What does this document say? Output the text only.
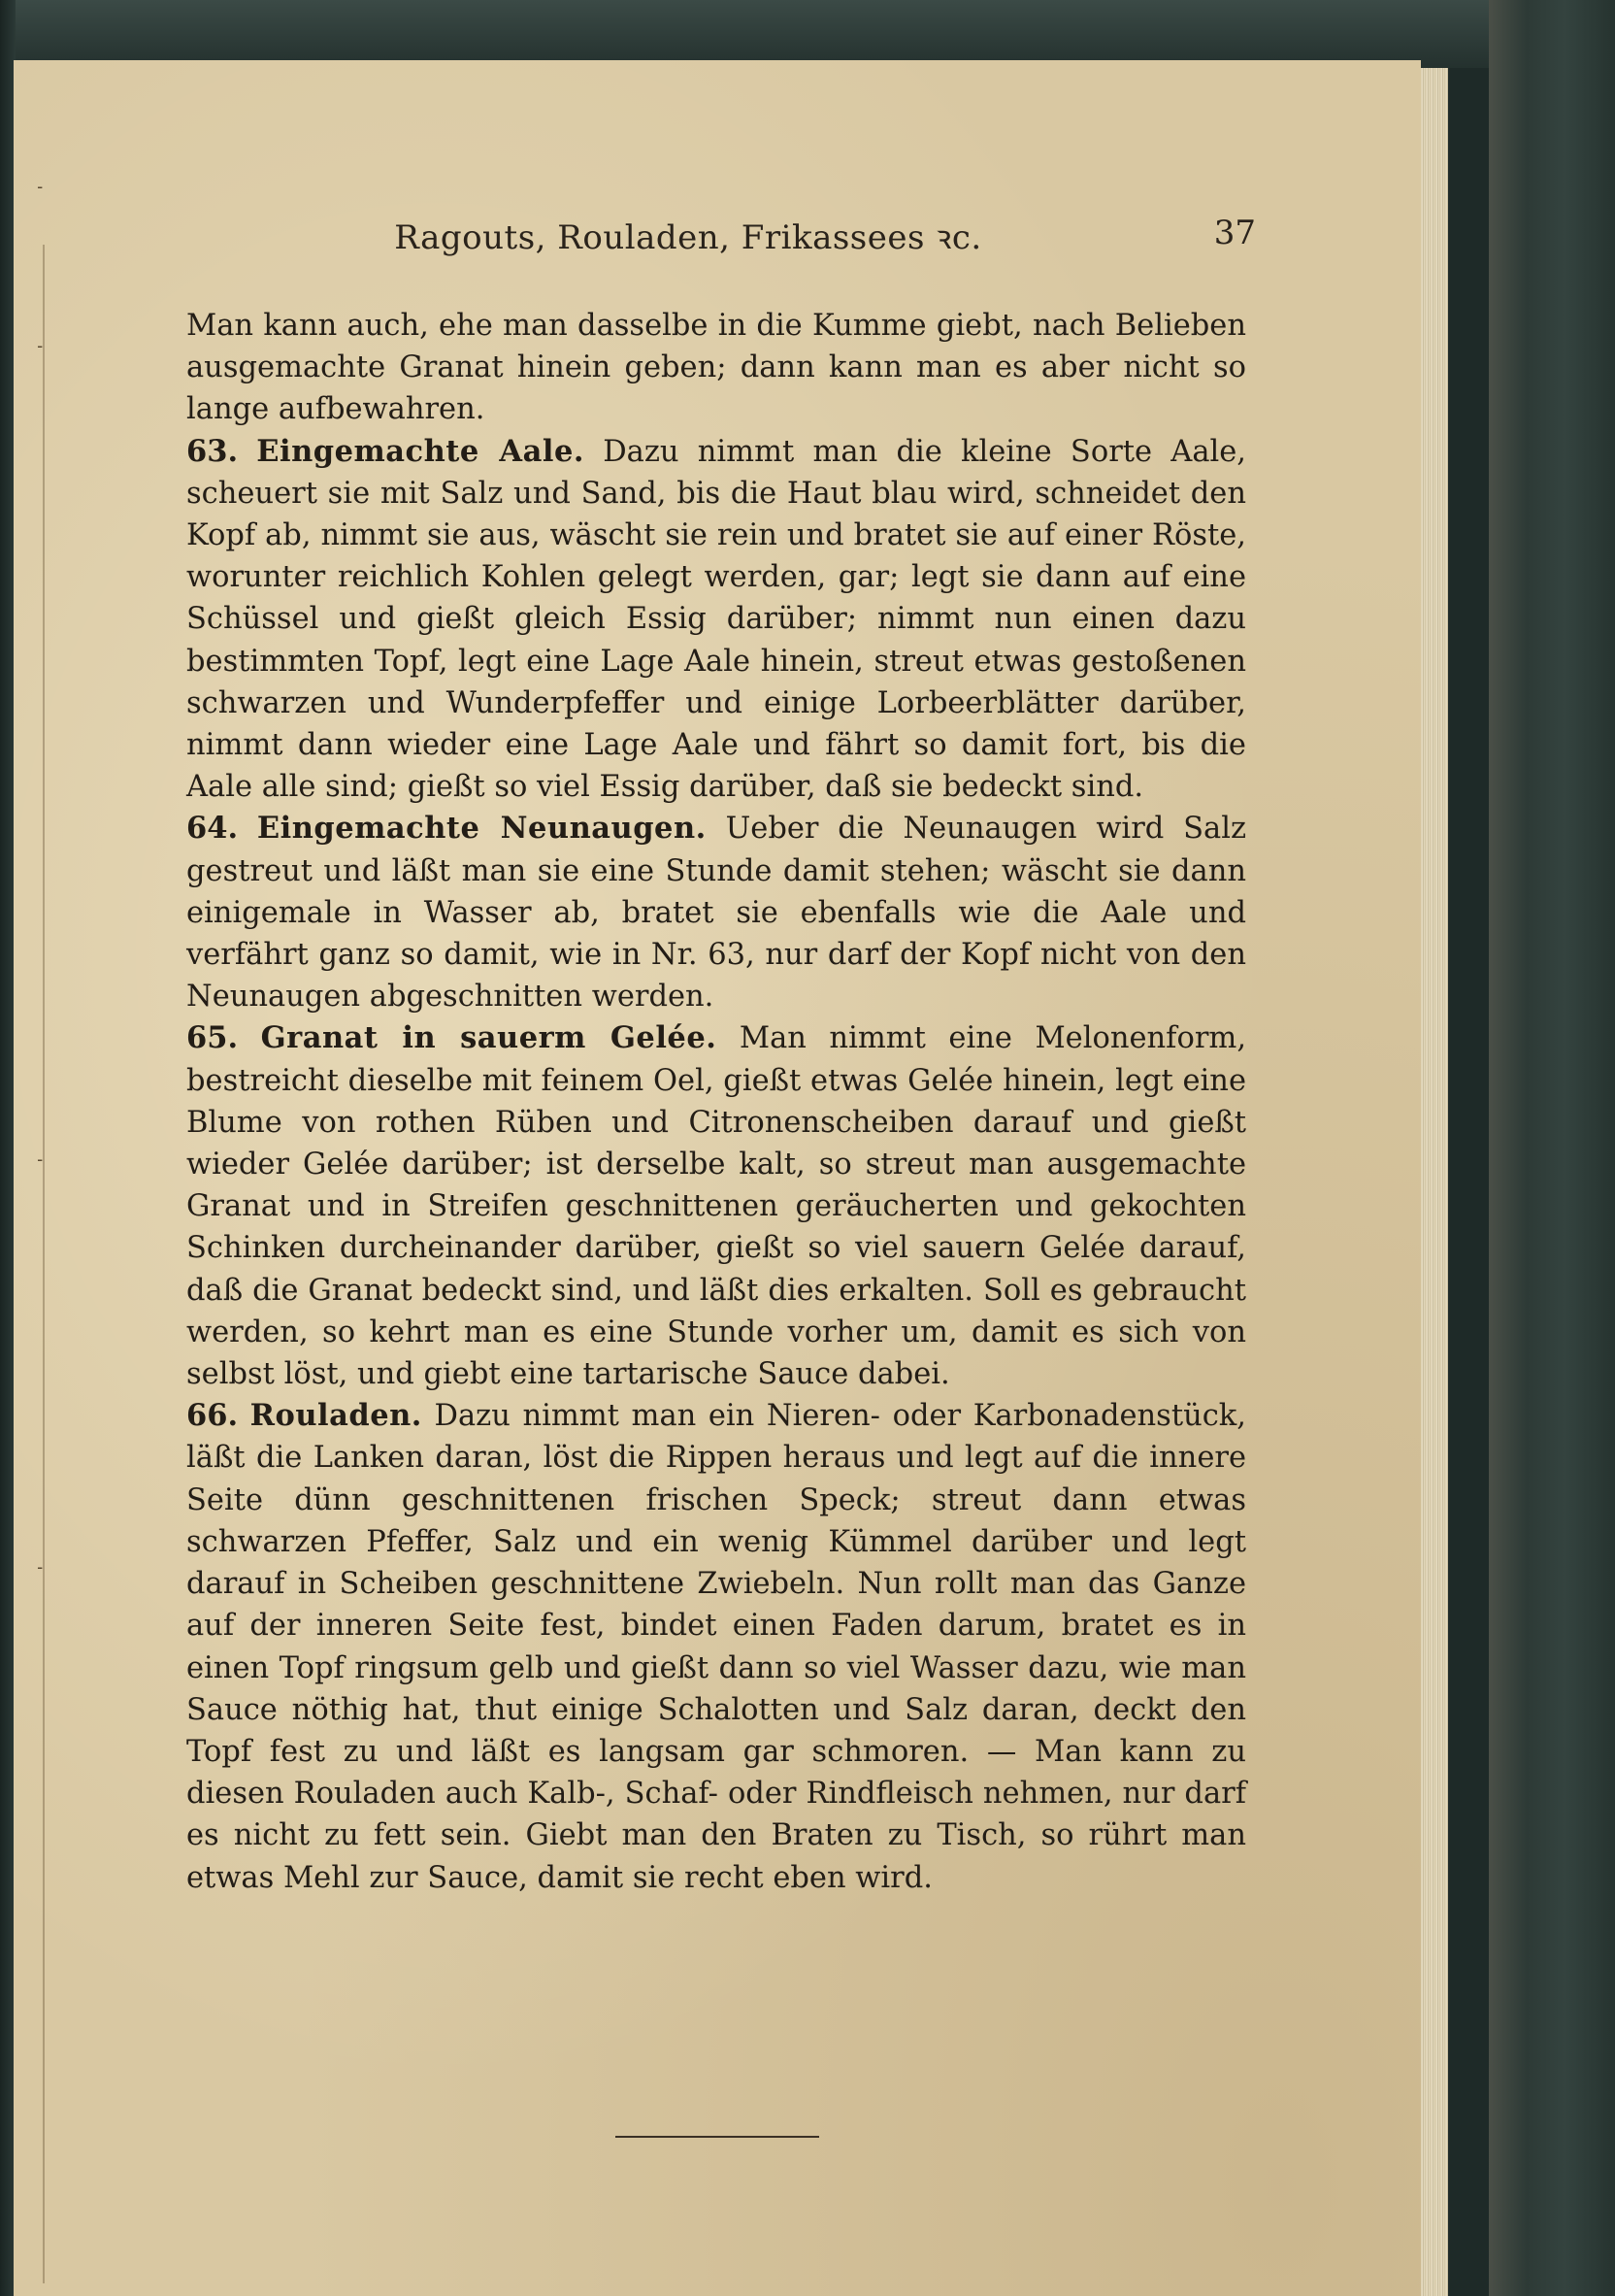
˗
˗
˗
˗
Ragouts, Rouladen, Frikassees ꝛc.	37

Man kann auch, ehe man dasselbe in die Kumme giebt, nach Belieben ausgemachte Granat hinein geben; dann kann man es aber nicht so lange aufbewahren.

63. Eingemachte Aale. Dazu nimmt man die kleine Sorte Aale, scheuert sie mit Salz und Sand, bis die Haut blau wird, schneidet den Kopf ab, nimmt sie aus, wäscht sie rein und bratet sie auf einer Röste, worunter reichlich Kohlen gelegt werden, gar; legt sie dann auf eine Schüssel und gießt gleich Essig darüber; nimmt nun einen dazu bestimmten Topf, legt eine Lage Aale hinein, streut etwas gestoßenen schwarzen und Wunderpfeffer und einige Lorbeerblätter darüber, nimmt dann wieder eine Lage Aale und fährt so damit fort, bis die Aale alle sind; gießt so viel Essig darüber, daß sie bedeckt sind.

64. Eingemachte Neunaugen. Ueber die Neunaugen wird Salz gestreut und läßt man sie eine Stunde damit stehen; wäscht sie dann einigemale in Wasser ab, bratet sie ebenfalls wie die Aale und verfährt ganz so damit, wie in Nr. 63, nur darf der Kopf nicht von den Neunaugen abgeschnitten werden.

65. Granat in sauerm Gelée. Man nimmt eine Melonenform, bestreicht dieselbe mit feinem Oel, gießt etwas Gelée hinein, legt eine Blume von rothen Rüben und Citronenscheiben darauf und gießt wieder Gelée darüber; ist derselbe kalt, so streut man ausgemachte Granat und in Streifen geschnittenen geräucherten und gekochten Schinken durcheinander darüber, gießt so viel sauern Gelée darauf, daß die Granat bedeckt sind, und läßt dies erkalten. Soll es gebraucht werden, so kehrt man es eine Stunde vorher um, damit es sich von selbst löst, und giebt eine tartarische Sauce dabei.

66. Rouladen. Dazu nimmt man ein Nieren- oder Karbonadenstück, läßt die Lanken daran, löst die Rippen heraus und legt auf die innere Seite dünn geschnittenen frischen Speck; streut dann etwas schwarzen Pfeffer, Salz und ein wenig Kümmel darüber und legt darauf in Scheiben geschnittene Zwiebeln. Nun rollt man das Ganze auf der inneren Seite fest, bindet einen Faden darum, bratet es in einen Topf ringsum gelb und gießt dann so viel Wasser dazu, wie man Sauce nöthig hat, thut einige Schalotten und Salz daran, deckt den Topf fest zu und läßt es langsam gar schmoren. — Man kann zu diesen Rouladen auch Kalb-, Schaf- oder Rindfleisch nehmen, nur darf es nicht zu fett sein. Giebt man den Braten zu Tisch, so rührt man etwas Mehl zur Sauce, damit sie recht eben wird.
